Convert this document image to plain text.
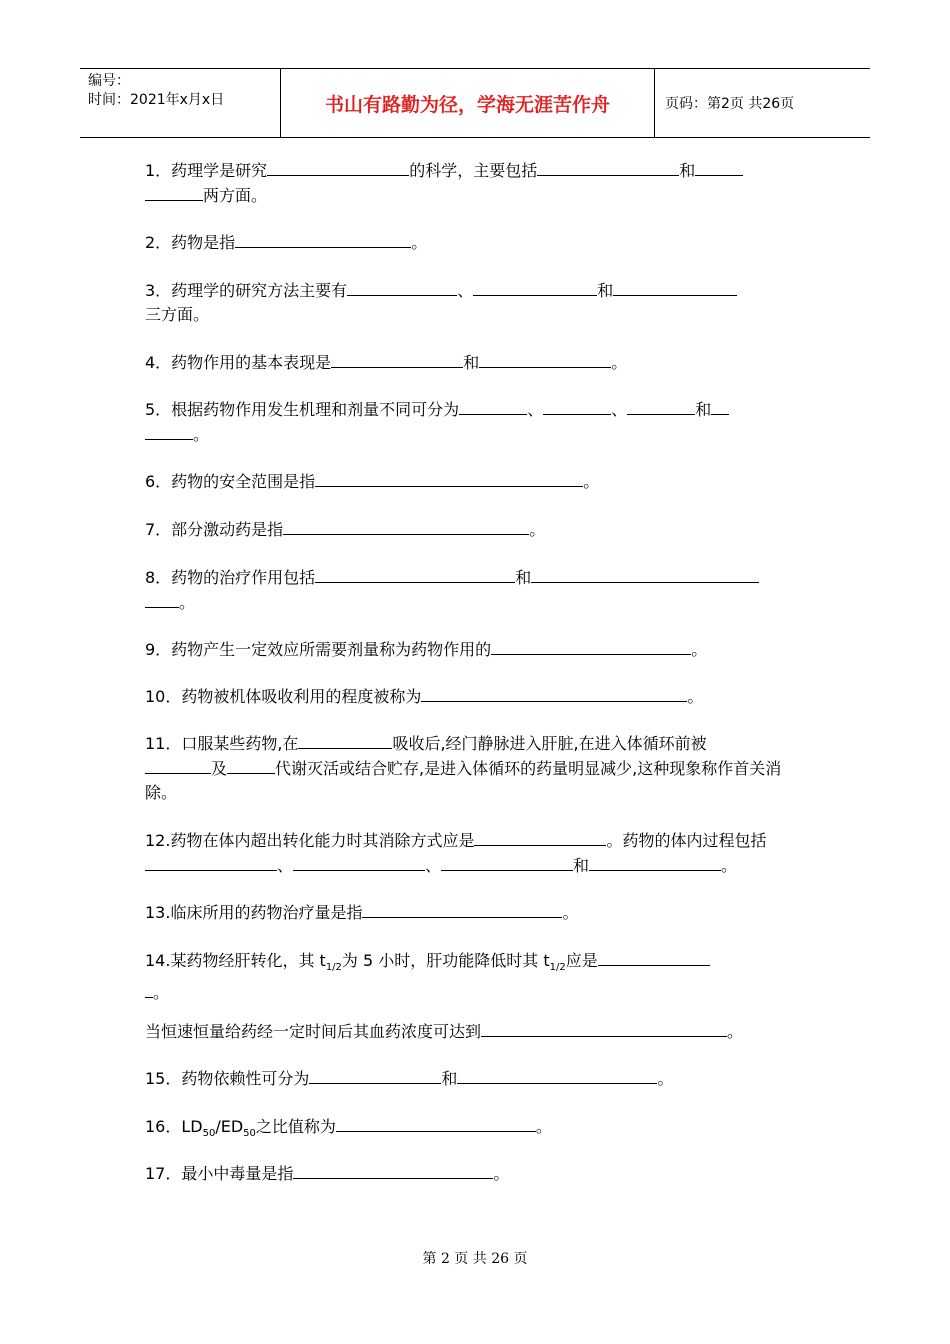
编号：
时间：2021年x月x日	书山有路勤为径，学海无涯苦作舟	页码：第2页 共26页
1．药理学是研究	的科学，主要包括	和
两方面。
2．药物是指	。
3．药理学的研究方法主要有	、	和
三方面。
4．药物作用的基本表现是	和	。
5．根据药物作用发生机理和剂量不同可分为	、	、	和
。
6．药物的安全范围是指	。
7．部分激动药是指	。
8．药物的治疗作用包括	和
。
9．药物产生一定效应所需要剂量称为药物作用的	。
10．药物被机体吸收利用的程度被称为	。
11．口服某些药物,在	吸收后,经门静脉进入肝脏,在进入体循环前被
及	代谢灭活或结合贮存,是进入体循环的药量明显减少,这种现象称作首关消除。
12.药物在体内超出转化能力时其消除方式应是	。药物的体内过程包括、	、	和	。
13.临床所用的药物治疗量是指	。
14.某药物经肝转化，其 $t_{1/2}$为 5 小时，肝功能降低时其 $t_{1/2}$应是
。
当恒速恒量给药经一定时间后其血药浓度可达到	。
15．药物依赖性可分为	和	。
16．$LD_{50}/ED_{50}$之比值称为	。
17．最小中毒量是指	。
第 2 页 共 26 页
